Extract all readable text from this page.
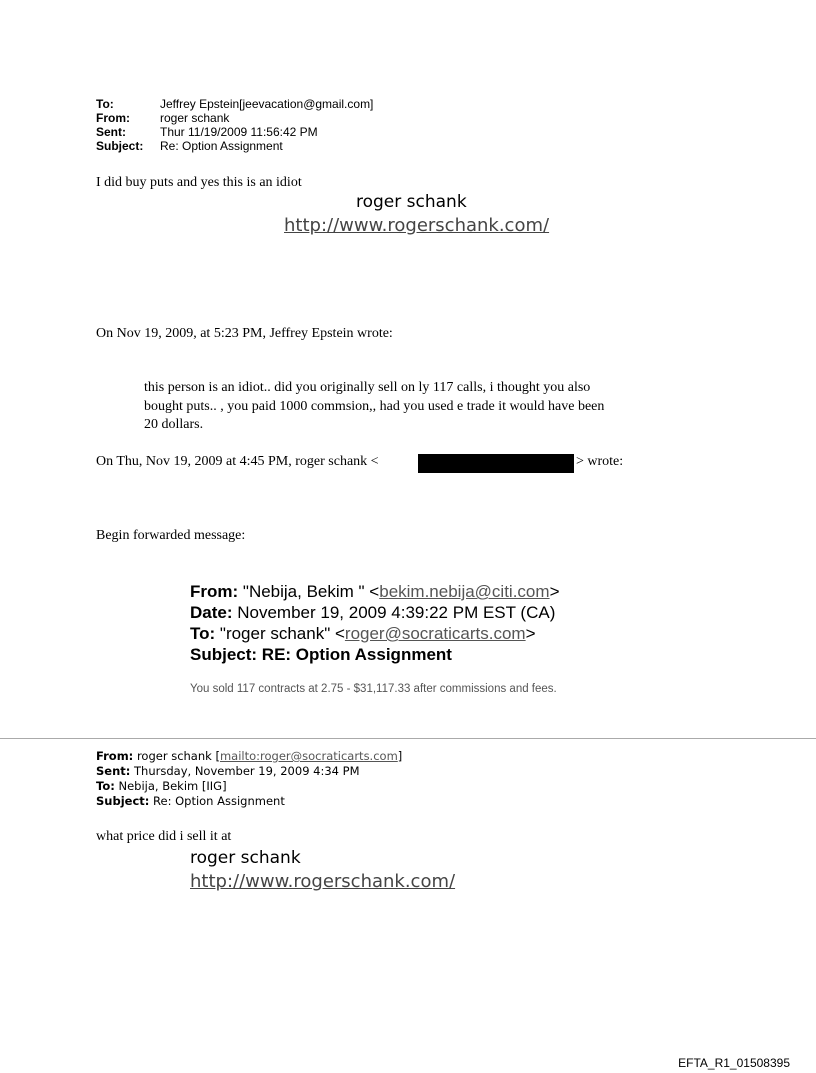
To:	Jeffrey Epstein[jeevacation@gmail.com]
From:	roger schank
Sent:	Thur 11/19/2009 11:56:42 PM
Subject: Re: Option Assignment
I did buy puts and yes this is an idiot
roger schank
http://www.rogerschank.com/
On Nov 19, 2009, at 5:23 PM, Jeffrey Epstein wrote:
this person is an idiot.. did you originally sell on ly 117 calls, i thought you also
bought puts.. , you paid 1000 commsion,, had you used e trade it would have been
20 dollars.
On Thu, Nov 19, 2009 at 4:45 PM, roger schank <	> wrote:
Begin forwarded message:
From: "Nebija, Bekim " <bekim.nebija@citi.com>
Date: November 19, 2009 4:39:22 PM EST (CA)
To: "roger schank" <roger@socraticarts.com>
Subject: RE: Option Assignment
You sold 117 contracts at 2.75 - $31,117.33 after commissions and fees.
From: roger schank [mailto:roger@socraticarts.com]
Sent: Thursday, November 19, 2009 4:34 PM
To: Nebija, Bekim [IIG]
Subject: Re: Option Assignment
what price did i sell it at
roger schank
http://www.rogerschank.com/
EFTA_R1_01508395
